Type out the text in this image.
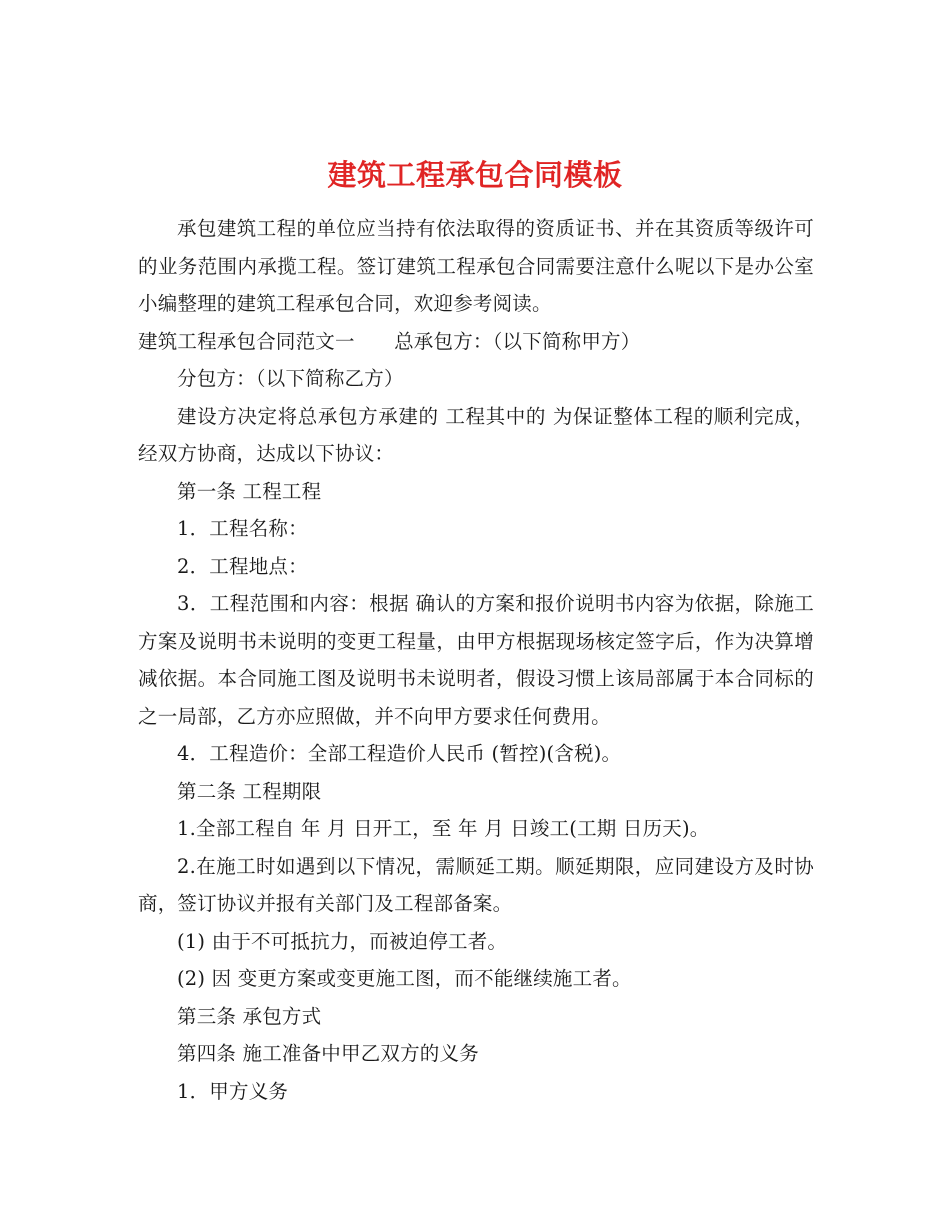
建筑工程承包合同模板

承包建筑工程的单位应当持有依法取得的资质证书、并在其资质等级许可的业务范围内承揽工程。签订建筑工程承包合同需要注意什么呢以下是办公室小编整理的建筑工程承包合同，欢迎参考阅读。

建筑工程承包合同范文一　　总承包方：（以下简称甲方）

分包方：（以下简称乙方）

建设方决定将总承包方承建的 工程其中的 为保证整体工程的顺利完成，经双方协商，达成以下协议：

第一条 工程工程

1．工程名称：

2．工程地点：

3．工程范围和内容：根据 确认的方案和报价说明书内容为依据，除施工方案及说明书未说明的变更工程量，由甲方根据现场核定签字后，作为决算增减依据。本合同施工图及说明书未说明者，假设习惯上该局部属于本合同标的之一局部，乙方亦应照做，并不向甲方要求任何费用。

4．工程造价：全部工程造价人民币 (暂控)(含税)。

第二条 工程期限

1.全部工程自 年 月 日开工，至 年 月 日竣工(工期 日历天)。

2.在施工时如遇到以下情况，需顺延工期。顺延期限，应同建设方及时协商，签订协议并报有关部门及工程部备案。

(1) 由于不可抵抗力，而被迫停工者。

(2) 因 变更方案或变更施工图，而不能继续施工者。

第三条 承包方式

第四条 施工准备中甲乙双方的义务

1．甲方义务
